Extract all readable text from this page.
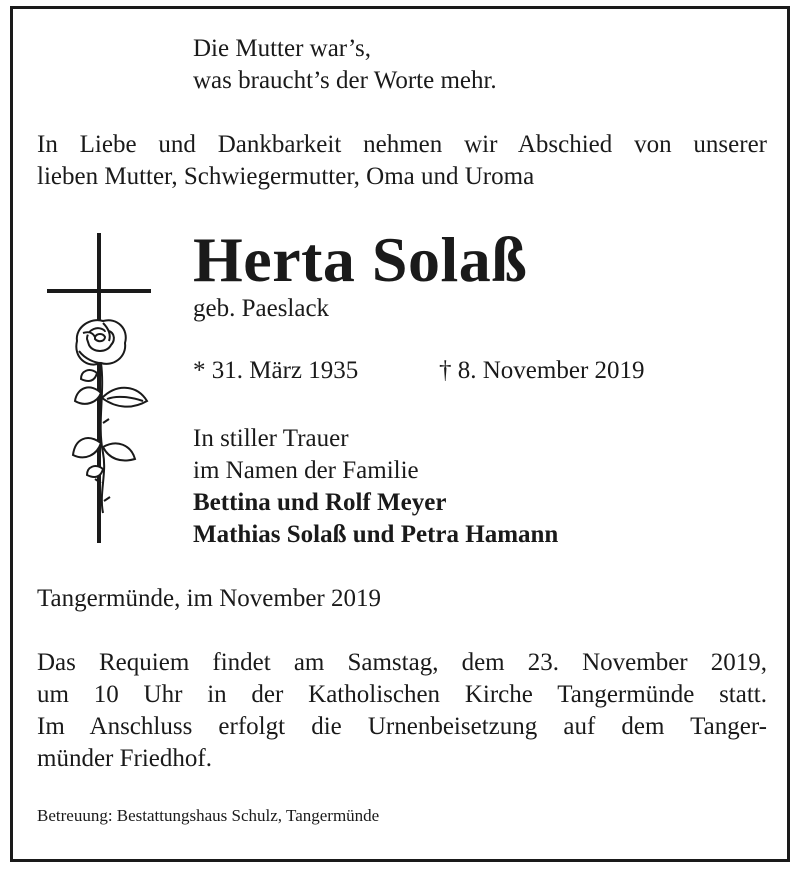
Die Mutter war’s,
was braucht’s der Worte mehr.
In Liebe und Dankbarkeit nehmen wir Abschied von unserer
lieben Mutter, Schwiegermutter, Oma und Uroma
Herta Solaß
geb. Paeslack
* 31. März 1935	† 8. November 2019
In stiller Trauer
im Namen der Familie
Bettina und Rolf Meyer
Mathias Solaß und Petra Hamann
Tangermünde, im November 2019
Das Requiem findet am Samstag, dem 23. November 2019,
um 10 Uhr in der Katholischen Kirche Tangermünde statt.
Im Anschluss erfolgt die Urnenbeisetzung auf dem Tanger-
münder Friedhof.
Betreuung: Bestattungshaus Schulz, Tangermünde
